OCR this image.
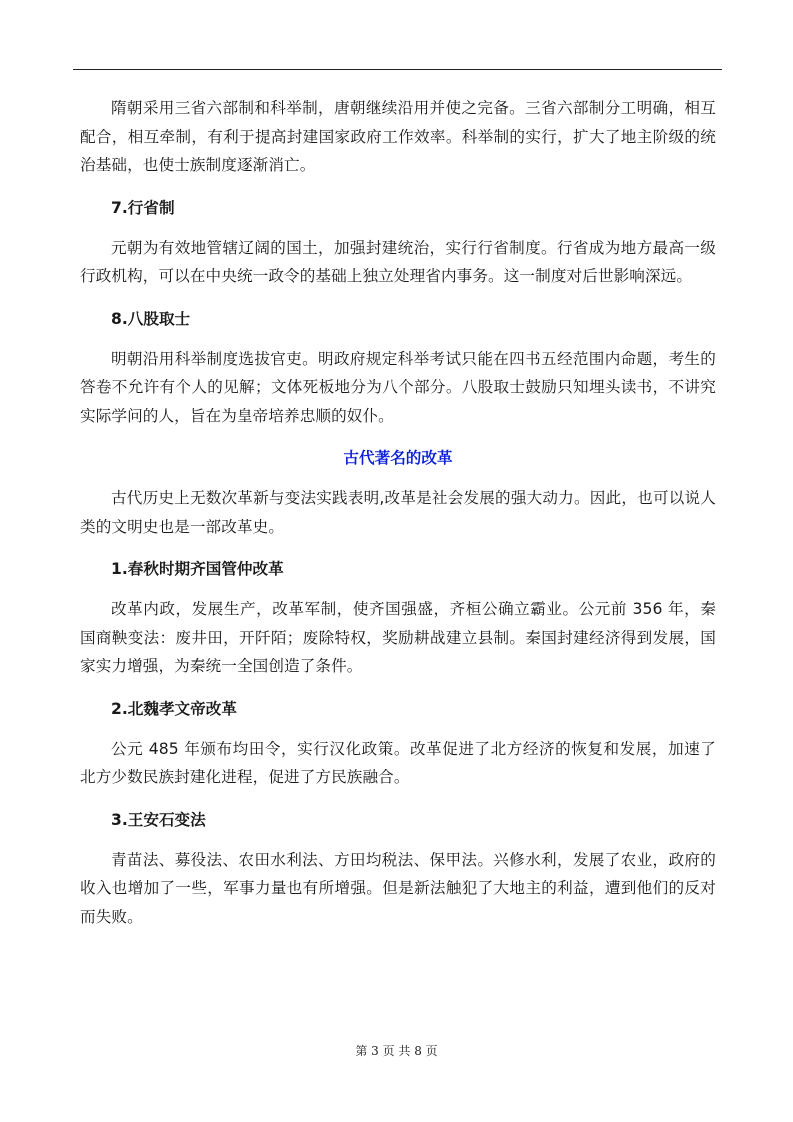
隋朝采用三省六部制和科举制，唐朝继续沿用并使之完备。三省六部制分工明确，相互配合，相互牵制，有利于提高封建国家政府工作效率。科举制的实行，扩大了地主阶级的统治基础，也使士族制度逐渐消亡。

7.行省制

元朝为有效地管辖辽阔的国土，加强封建统治，实行行省制度。行省成为地方最高一级行政机构，可以在中央统一政令的基础上独立处理省内事务。这一制度对后世影响深远。

8.八股取士

明朝沿用科举制度选拔官吏。明政府规定科举考试只能在四书五经范围内命题，考生的答卷不允许有个人的见解；文体死板地分为八个部分。八股取士鼓励只知埋头读书，不讲究实际学问的人，旨在为皇帝培养忠顺的奴仆。

古代著名的改革

古代历史上无数次革新与变法实践表明,改革是社会发展的强大动力。因此，也可以说人类的文明史也是一部改革史。

1.春秋时期齐国管仲改革

改革内政，发展生产，改革军制，使齐国强盛，齐桓公确立霸业。公元前 356 年，秦国商鞅变法：废井田，开阡陌；废除特权，奖励耕战建立县制。秦国封建经济得到发展，国家实力增强，为秦统一全国创造了条件。

2.北魏孝文帝改革

公元 485 年颁布均田令，实行汉化政策。改革促进了北方经济的恢复和发展，加速了北方少数民族封建化进程，促进了方民族融合。

3.王安石变法

青苗法、募役法、农田水利法、方田均税法、保甲法。兴修水利，发展了农业，政府的收入也增加了一些，军事力量也有所增强。但是新法触犯了大地主的利益，遭到他们的反对而失败。

第 3 页 共 8 页
